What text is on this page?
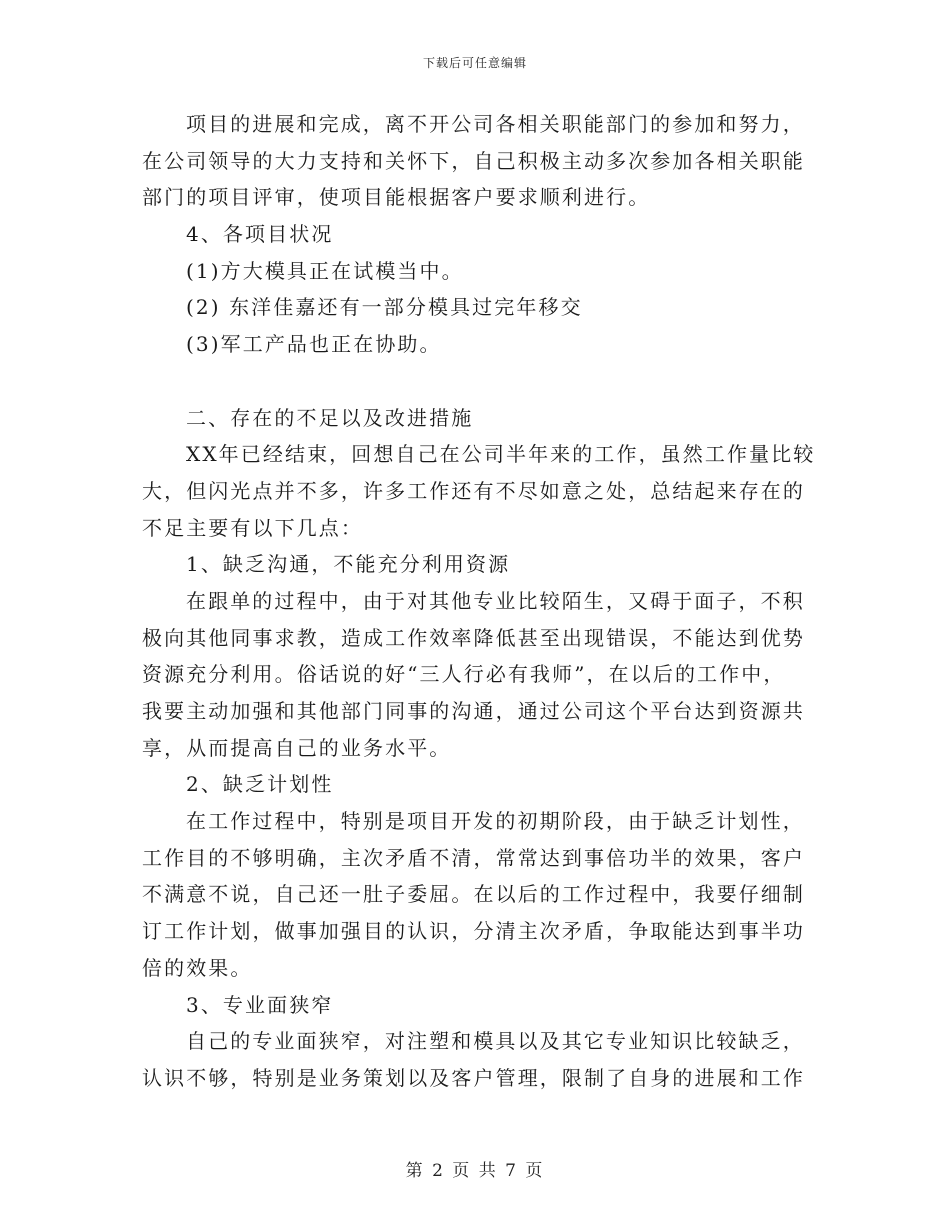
下载后可任意编辑
项目的进展和完成，离不开公司各相关职能部门的参加和努力，
在公司领导的大力支持和关怀下，自己积极主动多次参加各相关职能
部门的项目评审，使项目能根据客户要求顺利进行。
4、各项目状况
(1)方大模具正在试模当中。
(2) 东洋佳嘉还有一部分模具过完年移交
(3)军工产品也正在协助。
二、存在的不足以及改进措施
XX年已经结束，回想自己在公司半年来的工作，虽然工作量比较
大，但闪光点并不多，许多工作还有不尽如意之处，总结起来存在的
不足主要有以下几点：
1、缺乏沟通，不能充分利用资源
在跟单的过程中，由于对其他专业比较陌生，又碍于面子，不积
极向其他同事求教，造成工作效率降低甚至出现错误，不能达到优势
资源充分利用。俗话说的好“三人行必有我师”，在以后的工作中，
我要主动加强和其他部门同事的沟通，通过公司这个平台达到资源共
享，从而提高自己的业务水平。
2、缺乏计划性
在工作过程中，特别是项目开发的初期阶段，由于缺乏计划性，
工作目的不够明确，主次矛盾不清，常常达到事倍功半的效果，客户
不满意不说，自己还一肚子委屈。在以后的工作过程中，我要仔细制
订工作计划，做事加强目的认识，分清主次矛盾，争取能达到事半功
倍的效果。
3、专业面狭窄
自己的专业面狭窄，对注塑和模具以及其它专业知识比较缺乏，
认识不够，特别是业务策划以及客户管理，限制了自身的进展和工作
第 2 页 共 7 页
